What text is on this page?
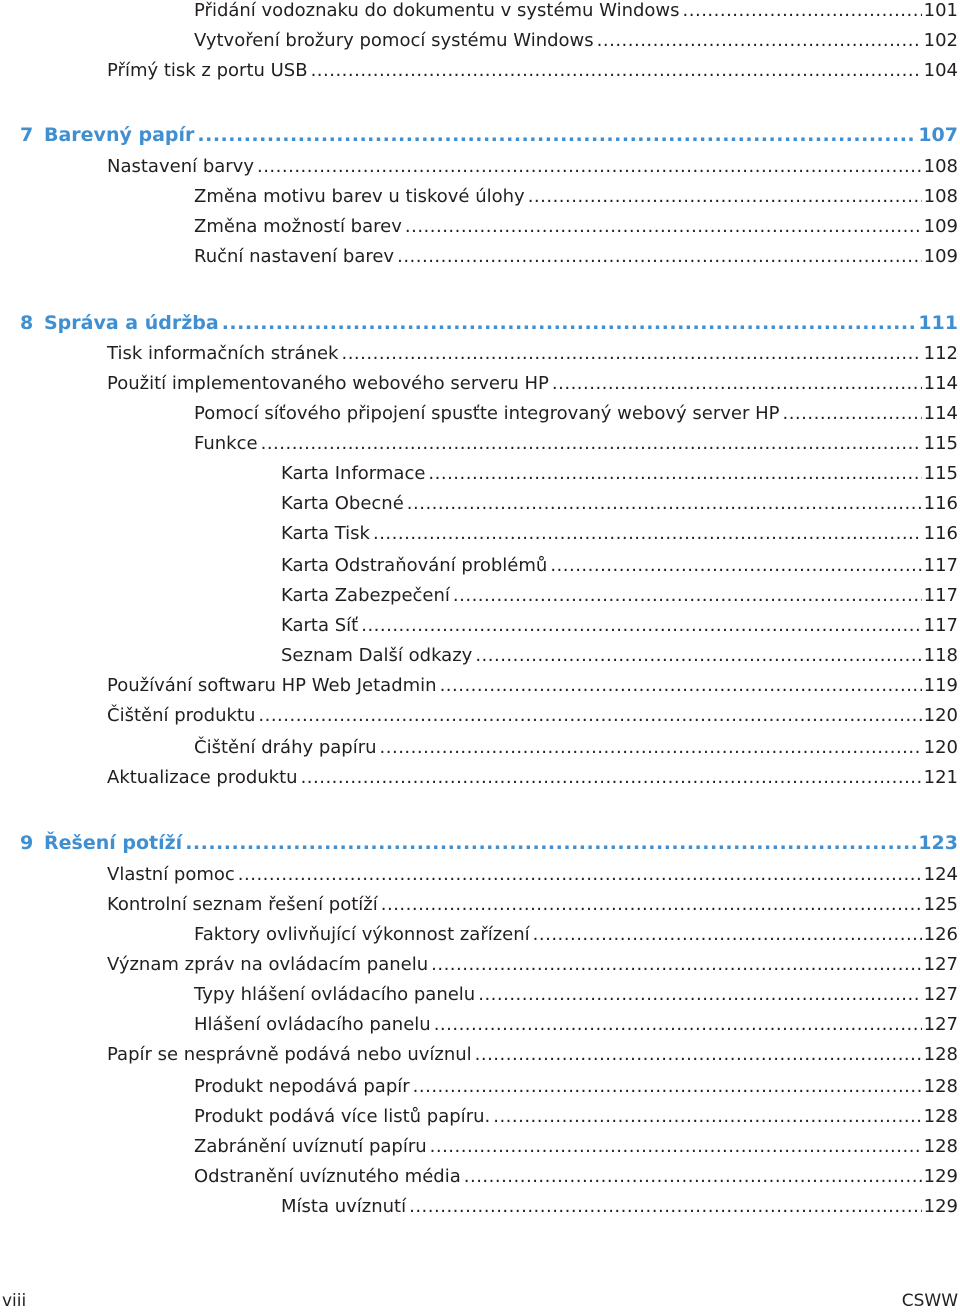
Přidání vodoznaku do dokumentu v systému Windows .....	101
Vytvoření brožury pomocí systému Windows .....	102
Přímý tisk z portu USB .....	104
7 Barevný papír .....	107
Nastavení barvy .....	108
Změna motivu barev u tiskové úlohy .....	108
Změna možností barev .....	109
Ruční nastavení barev .....	109
8 Správa a údržba .....	111
Tisk informačních stránek .....	112
Použití implementovaného webového serveru HP .....	114
Pomocí síťového připojení spusťte integrovaný webový server HP .....	114
Funkce .....	115
Karta Informace .....	115
Karta Obecné .....	116
Karta Tisk .....	116
Karta Odstraňování problémů .....	117
Karta Zabezpečení .....	117
Karta Síť .....	117
Seznam Další odkazy .....	118
Používání softwaru HP Web Jetadmin .....	119
Čištění produktu .....	120
Čištění dráhy papíru .....	120
Aktualizace produktu .....	121
9 Řešení potíží .....	123
Vlastní pomoc .....	124
Kontrolní seznam řešení potíží .....	125
Faktory ovlivňující výkonnost zařízení .....	126
Význam zpráv na ovládacím panelu .....	127
Typy hlášení ovládacího panelu .....	127
Hlášení ovládacího panelu .....	127
Papír se nesprávně podává nebo uvíznul .....	128
Produkt nepodává papír .....	128
Produkt podává více listů papíru. .....	128
Zabránění uvíznutí papíru .....	128
Odstranění uvíznutého média .....	129
Místa uvíznutí .....	129
viii	CSWW
